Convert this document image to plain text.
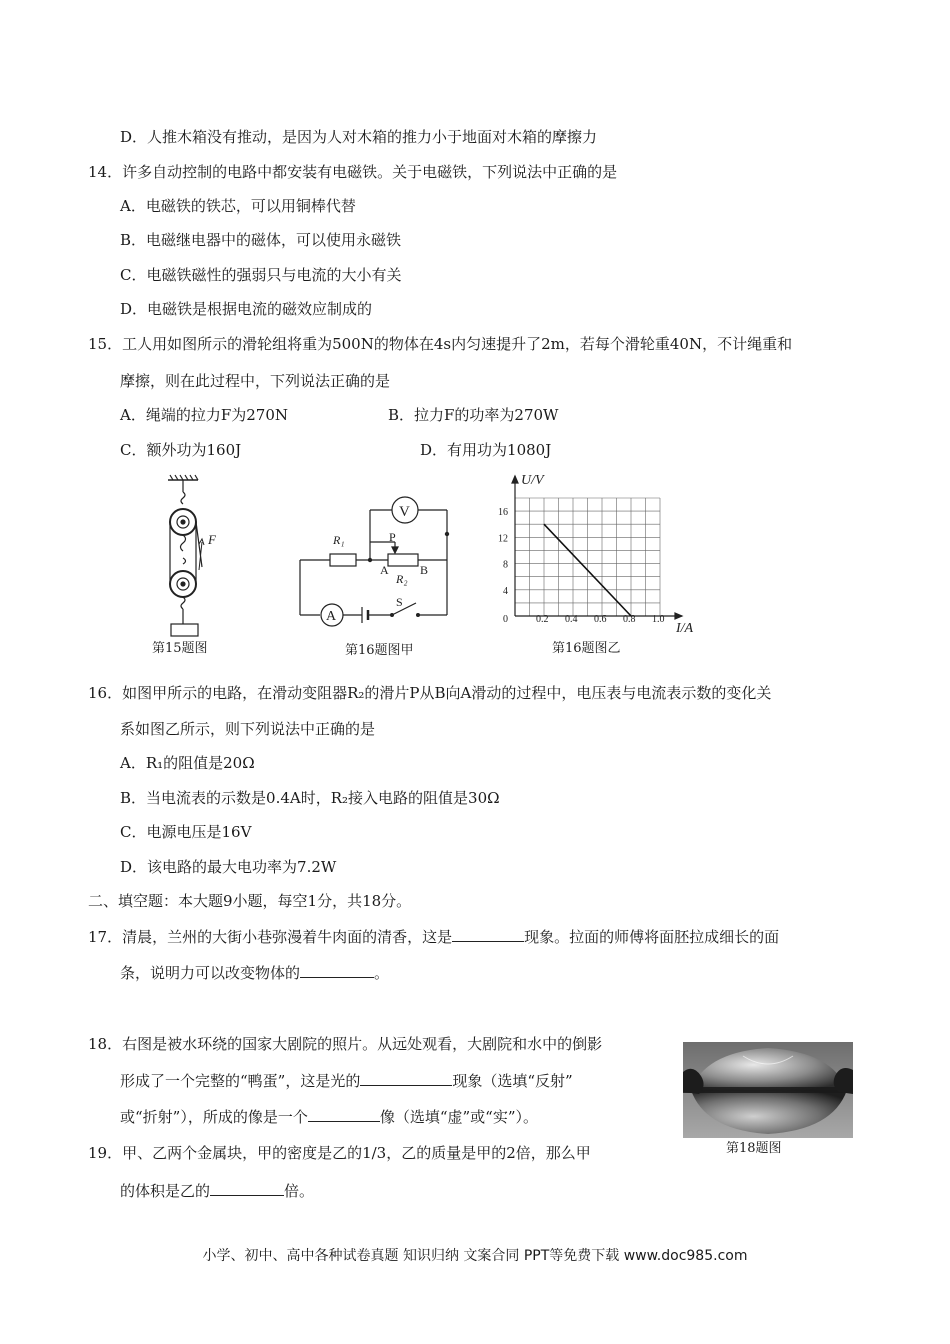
D．人推木箱没有推动，是因为人对木箱的推力小于地面对木箱的摩擦力
14．许多自动控制的电路中都安装有电磁铁。关于电磁铁，下列说法中正确的是
A．电磁铁的铁芯，可以用铜棒代替
B．电磁继电器中的磁体，可以使用永磁铁
C．电磁铁磁性的强弱只与电流的大小有关
D．电磁铁是根据电流的磁效应制成的
15．工人用如图所示的滑轮组将重为500N的物体在4s内匀速提升了2m，若每个滑轮重40N，不计绳重和
摩擦，则在此过程中，下列说法正确的是
A．绳端的拉力F为270N	B．拉力F的功率为270W
C．额外功为160J	D．有用功为1080J
F
第15题图
V
A
R₁	P
A	B
R₂
S
第16题图甲
0.2 0.4 0.6 0.8 1.0
4
8
12
16
0
U/V
I/A
第16题图乙
16．如图甲所示的电路，在滑动变阻器R₂的滑片P从B向A滑动的过程中，电压表与电流表示数的变化关
系如图乙所示，则下列说法中正确的是
A．R₁的阻值是20Ω
B．当电流表的示数是0.4A时，R₂接入电路的阻值是30Ω
C．电源电压是16V
D．该电路的最大电功率为7.2W
二、填空题：本大题9小题，每空1分，共18分。
17．清晨，兰州的大街小巷弥漫着牛肉面的清香，这是	现象。拉面的师傅将面胚拉成细长的面
条，说明力可以改变物体的	。
18．右图是被水环绕的国家大剧院的照片。从远处观看，大剧院和水中的倒影
形成了一个完整的“鸭蛋”，这是光的	现象（选填“反射”
或“折射”），所成的像是一个	像（选填“虚”或“实”）。
第18题图
19．甲、乙两个金属块，甲的密度是乙的1/3，乙的质量是甲的2倍，那么甲
的体积是乙的	倍。
小学、初中、高中各种试卷真题 知识归纳 文案合同 PPT等免费下载 www.doc985.com
